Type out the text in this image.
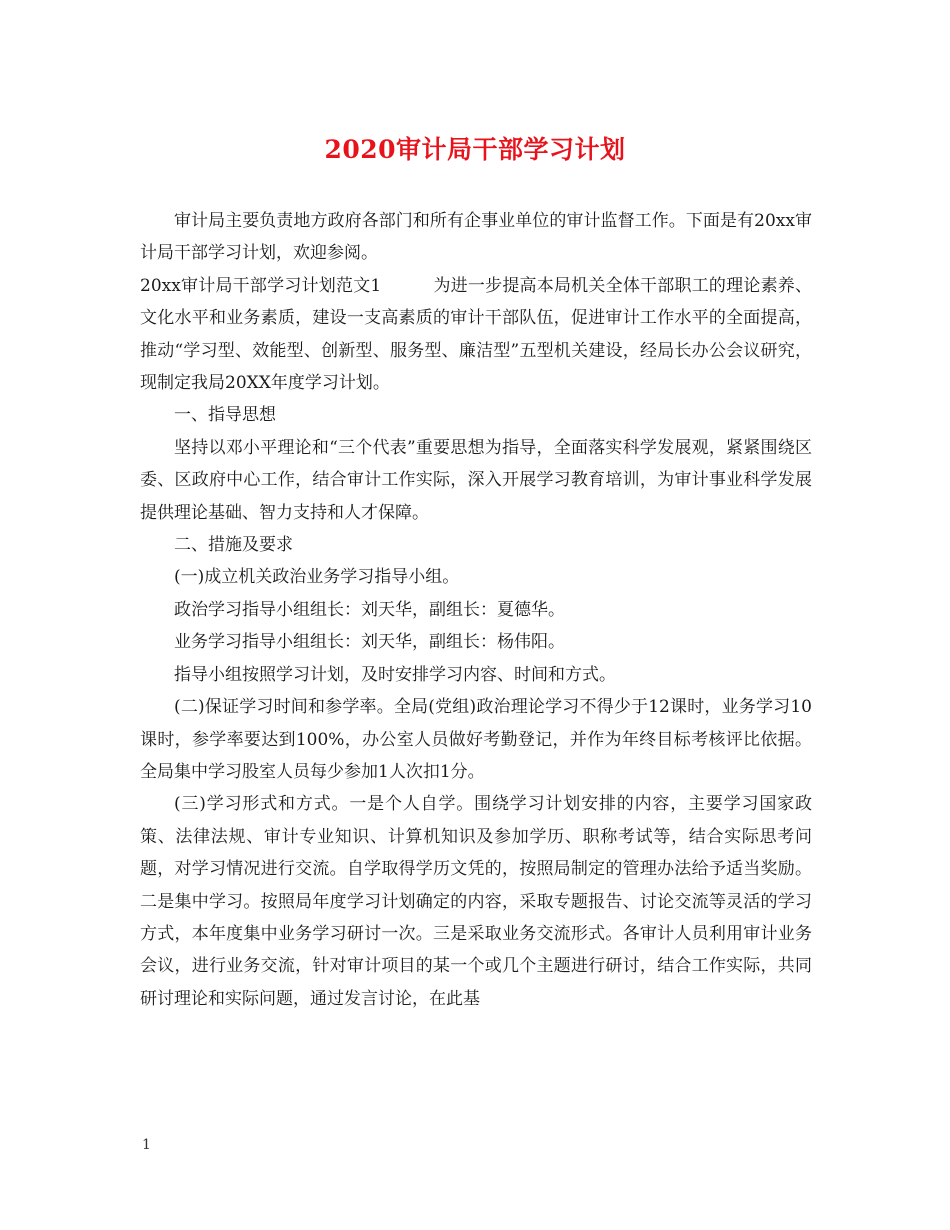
2020审计局干部学习计划

审计局主要负责地方政府各部门和所有企事业单位的审计监督工作。下面是有20xx审计局干部学习计划，欢迎参阅。

20xx审计局干部学习计划范文1	为进一步提高本局机关全体干部职工的理论素养、文化水平和业务素质，建设一支高素质的审计干部队伍，促进审计工作水平的全面提高，推动“学习型、效能型、创新型、服务型、廉洁型”五型机关建设，经局长办公会议研究，现制定我局20XX年度学习计划。

一、指导思想

坚持以邓小平理论和“三个代表”重要思想为指导，全面落实科学发展观，紧紧围绕区委、区政府中心工作，结合审计工作实际，深入开展学习教育培训，为审计事业科学发展提供理论基础、智力支持和人才保障。

二、措施及要求

(一)成立机关政治业务学习指导小组。

政治学习指导小组组长：刘天华，副组长：夏德华。

业务学习指导小组组长：刘天华，副组长：杨伟阳。

指导小组按照学习计划，及时安排学习内容、时间和方式。

(二)保证学习时间和参学率。全局(党组)政治理论学习不得少于12课时，业务学习10课时，参学率要达到100%，办公室人员做好考勤登记，并作为年终目标考核评比依据。全局集中学习股室人员每少参加1人次扣1分。

(三)学习形式和方式。一是个人自学。围绕学习计划安排的内容，主要学习国家政策、法律法规、审计专业知识、计算机知识及参加学历、职称考试等，结合实际思考问题，对学习情况进行交流。自学取得学历文凭的，按照局制定的管理办法给予适当奖励。二是集中学习。按照局年度学习计划确定的内容，采取专题报告、讨论交流等灵活的学习方式，本年度集中业务学习研讨一次。三是采取业务交流形式。各审计人员利用审计业务会议，进行业务交流，针对审计项目的某一个或几个主题进行研讨，结合工作实际，共同研讨理论和实际问题，通过发言讨论，在此基

1
